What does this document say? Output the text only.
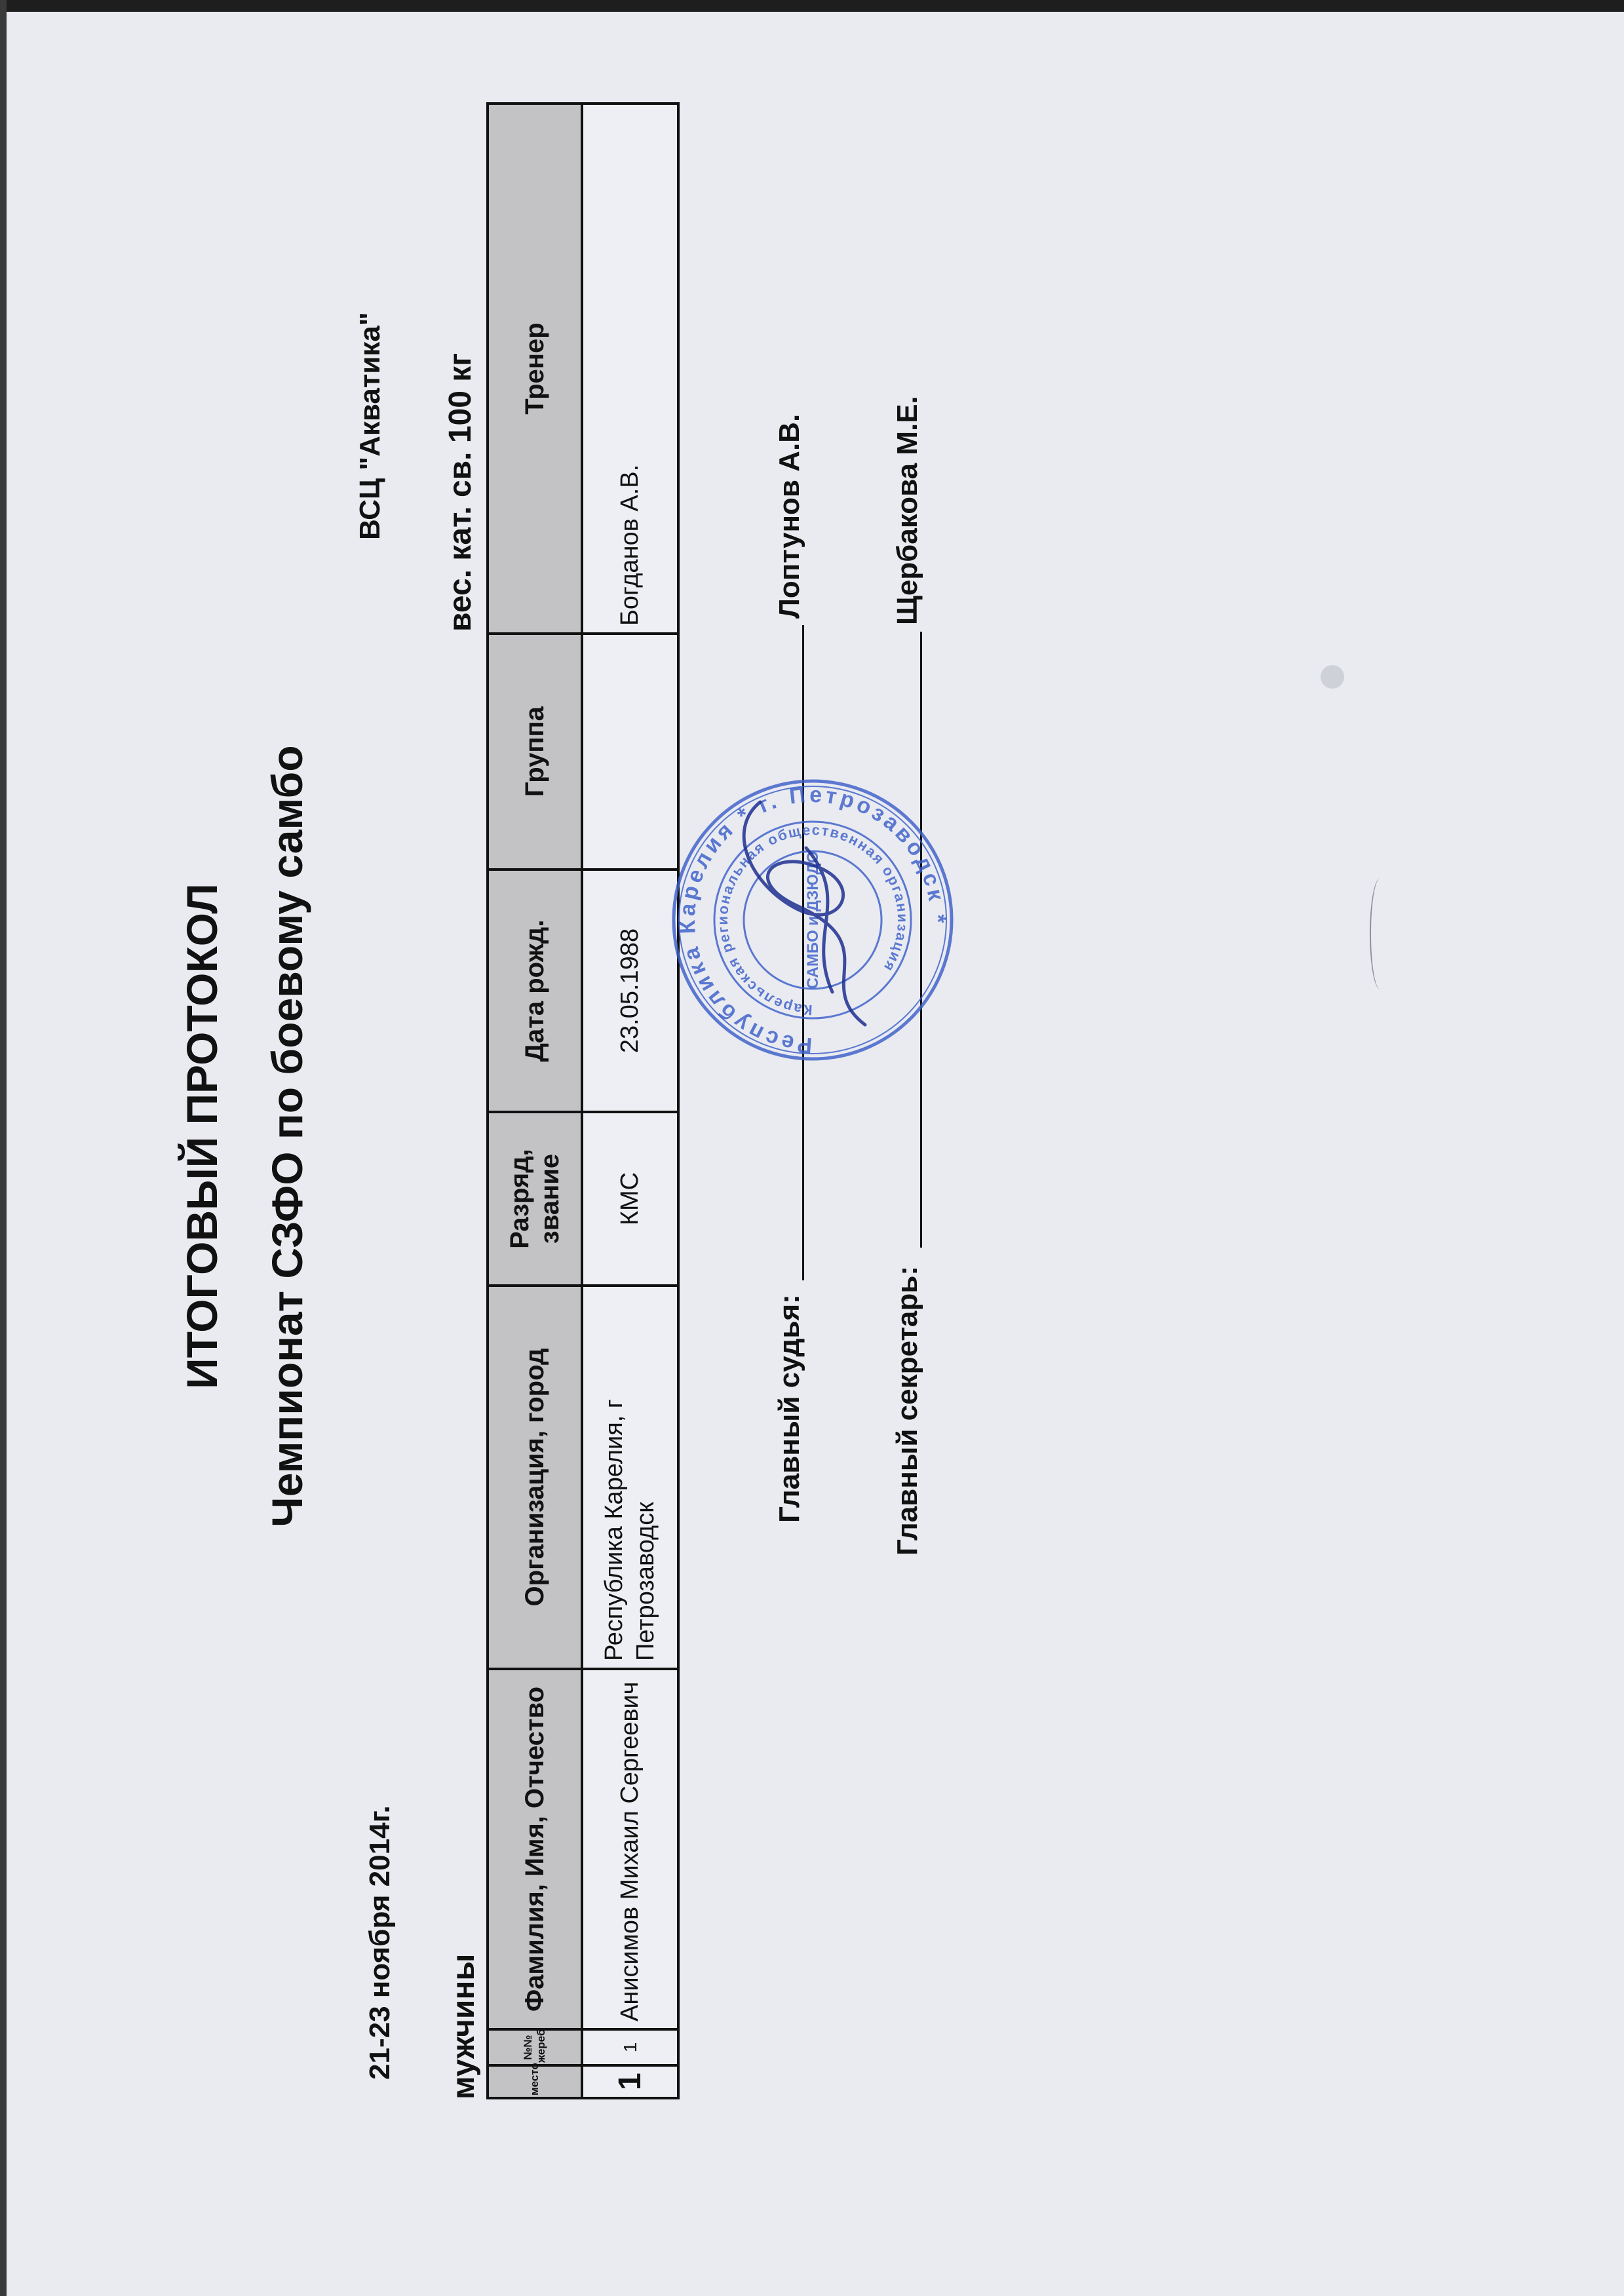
ИТОГОВЫЙ ПРОТОКОЛ Чемпионат СЗФО по боевому самбо
21-23 ноября 2014г.
ВСЦ "Акватика"
мужчины
вес. кат. св. 100 кг
место	№№ жереб	Фамилия, Имя, Отчество	Организация, город	Разряд, звание	Дата рожд.	Группа	Тренер
1	1	Анисимов Михаил Сергеевич	Республика Карелия, г Петрозаводск	КМС	23.05.1988		Богданов А.В.
Главный судья:
Лоптунов А.В.
Главный секретарь:
Щербакова М.Е.
Республика Карелия * г. Петрозаводск *
Карельская региональная общественная организация
САМБО и ДЗЮДО
